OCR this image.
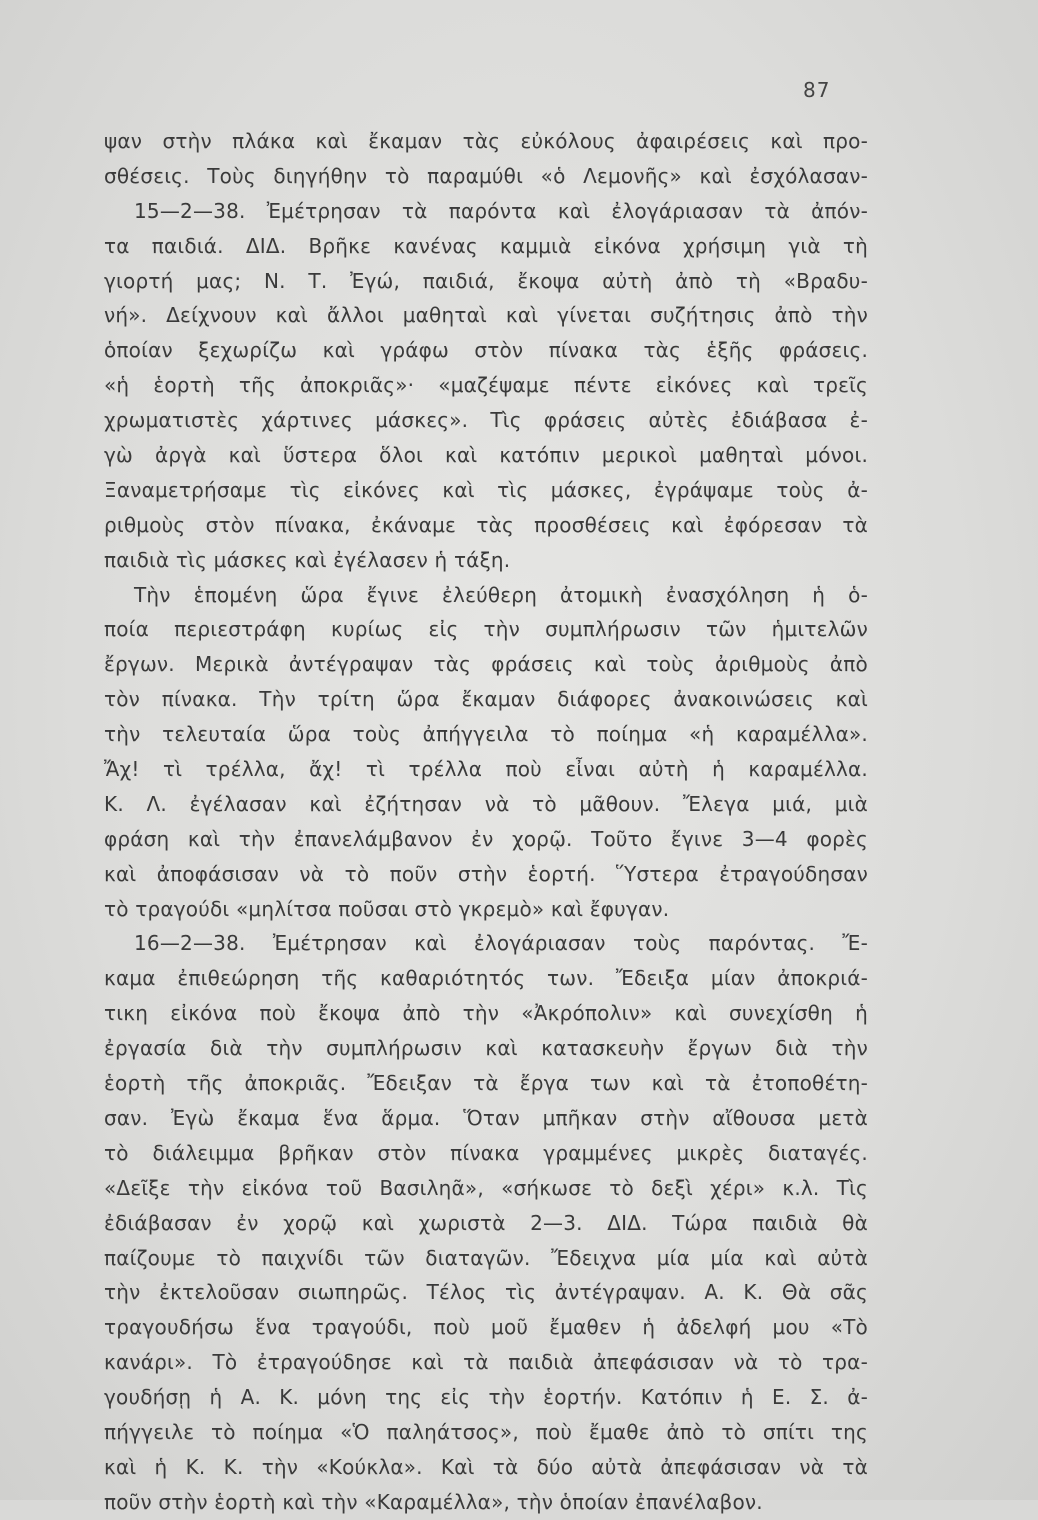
87
ψαν στὴν πλάκα καὶ ἔκαμαν τὰς εὐκόλους ἀφαιρέσεις καὶ προ-
σθέσεις. Τοὺς διηγήθην τὸ παραμύθι «ὁ Λεμονῆς» καὶ ἐσχόλασαν-
15—2—38. Ἐμέτρησαν τὰ παρόντα καὶ ἐλογάριασαν τὰ ἀπόν-
τα παιδιά. ΔΙΔ. Βρῆκε κανένας καμμιὰ εἰκόνα χρήσιμη γιὰ τὴ
γιορτή μας; Ν. Τ. Ἐγώ, παιδιά, ἔκοψα αὐτὴ ἀπὸ τὴ «Βραδυ-
νή». Δείχνουν καὶ ἄλλοι μαθηταὶ καὶ γίνεται συζήτησις ἀπὸ τὴν
ὁποίαν ξεχωρίζω καὶ γράφω στὸν πίνακα τὰς ἑξῆς φράσεις.
«ἡ ἑορτὴ τῆς ἀποκριᾶς»· «μαζέψαμε πέντε εἰκόνες καὶ τρεῖς
χρωματιστὲς χάρτινες μάσκες». Τὶς φράσεις αὐτὲς ἐδιάβασα ἐ-
γὼ ἀργὰ καὶ ὕστερα ὅλοι καὶ κατόπιν μερικοὶ μαθηταὶ μόνοι.
Ξαναμετρήσαμε τὶς εἰκόνες καὶ τὶς μάσκες, ἐγράψαμε τοὺς ἀ-
ριθμοὺς στὸν πίνακα, ἐκάναμε τὰς προσθέσεις καὶ ἐφόρεσαν τὰ
παιδιὰ τὶς μάσκες καὶ ἐγέλασεν ἡ τάξη.
Τὴν ἑπομένη ὥρα ἔγινε ἐλεύθερη ἀτομικὴ ἐνασχόληση ἡ ὁ-
ποία περιεστράφη κυρίως εἰς τὴν συμπλήρωσιν τῶν ἡμιτελῶν
ἔργων. Μερικὰ ἀντέγραψαν τὰς φράσεις καὶ τοὺς ἀριθμοὺς ἀπὸ
τὸν πίνακα. Τὴν τρίτη ὥρα ἔκαμαν διάφορες ἀνακοινώσεις καὶ
τὴν τελευταία ὥρα τοὺς ἀπήγγειλα τὸ ποίημα «ἡ καραμέλλα».
Ἄχ! τὶ τρέλλα, ἄχ! τὶ τρέλλα ποὺ εἶναι αὐτὴ ἡ καραμέλλα.
Κ. Λ. ἐγέλασαν καὶ ἐζήτησαν νὰ τὸ μᾶθουν. Ἔλεγα μιά, μιὰ
φράση καὶ τὴν ἐπανελάμβανον ἐν χορῷ. Τοῦτο ἔγινε 3—4 φορὲς
καὶ ἀποφάσισαν νὰ τὸ ποῦν στὴν ἑορτή. Ὕστερα ἐτραγούδησαν
τὸ τραγούδι «μηλίτσα ποῦσαι στὸ γκρεμὸ» καὶ ἔφυγαν.
16—2—38. Ἐμέτρησαν καὶ ἐλογάριασαν τοὺς παρόντας. Ἔ-
καμα ἐπιθεώρηση τῆς καθαριότητός των. Ἔδειξα μίαν ἀποκριά-
τικη εἰκόνα ποὺ ἔκοψα ἀπὸ τὴν «Ἀκρόπολιν» καὶ συνεχίσθη ἡ
ἐργασία διὰ τὴν συμπλήρωσιν καὶ κατασκευὴν ἔργων διὰ τὴν
ἑορτὴ τῆς ἀποκριᾶς. Ἔδειξαν τὰ ἔργα των καὶ τὰ ἐτοποθέτη-
σαν. Ἐγὼ ἔκαμα ἕνα ἅρμα. Ὅταν μπῆκαν στὴν αἴθουσα μετὰ
τὸ διάλειμμα βρῆκαν στὸν πίνακα γραμμένες μικρὲς διαταγές.
«Δεῖξε τὴν εἰκόνα τοῦ Βασιληᾶ», «σήκωσε τὸ δεξὶ χέρι» κ.λ. Τὶς
ἐδιάβασαν ἐν χορῷ καὶ χωριστὰ 2—3. ΔΙΔ. Τώρα παιδιὰ θὰ
παίζουμε τὸ παιχνίδι τῶν διαταγῶν. Ἔδειχνα μία μία καὶ αὐτὰ
τὴν ἐκτελοῦσαν σιωπηρῶς. Τέλος τὶς ἀντέγραψαν. Α. Κ. Θὰ σᾶς
τραγουδήσω ἕνα τραγούδι, ποὺ μοῦ ἔμαθεν ἡ ἀδελφή μου «Τὸ
κανάρι». Τὸ ἐτραγούδησε καὶ τὰ παιδιὰ ἀπεφάσισαν νὰ τὸ τρα-
γουδήσῃ ἡ Α. Κ. μόνη της εἰς τὴν ἑορτήν. Κατόπιν ἡ Ε. Σ. ἀ-
πήγγειλε τὸ ποίημα «Ὁ παληάτσος», ποὺ ἔμαθε ἀπὸ τὸ σπίτι της
καὶ ἡ Κ. Κ. τὴν «Κούκλα». Καὶ τὰ δύο αὐτὰ ἀπεφάσισαν νὰ τὰ
ποῦν στὴν ἑορτὴ καὶ τὴν «Καραμέλλα», τὴν ὁποίαν ἐπανέλαβον.
